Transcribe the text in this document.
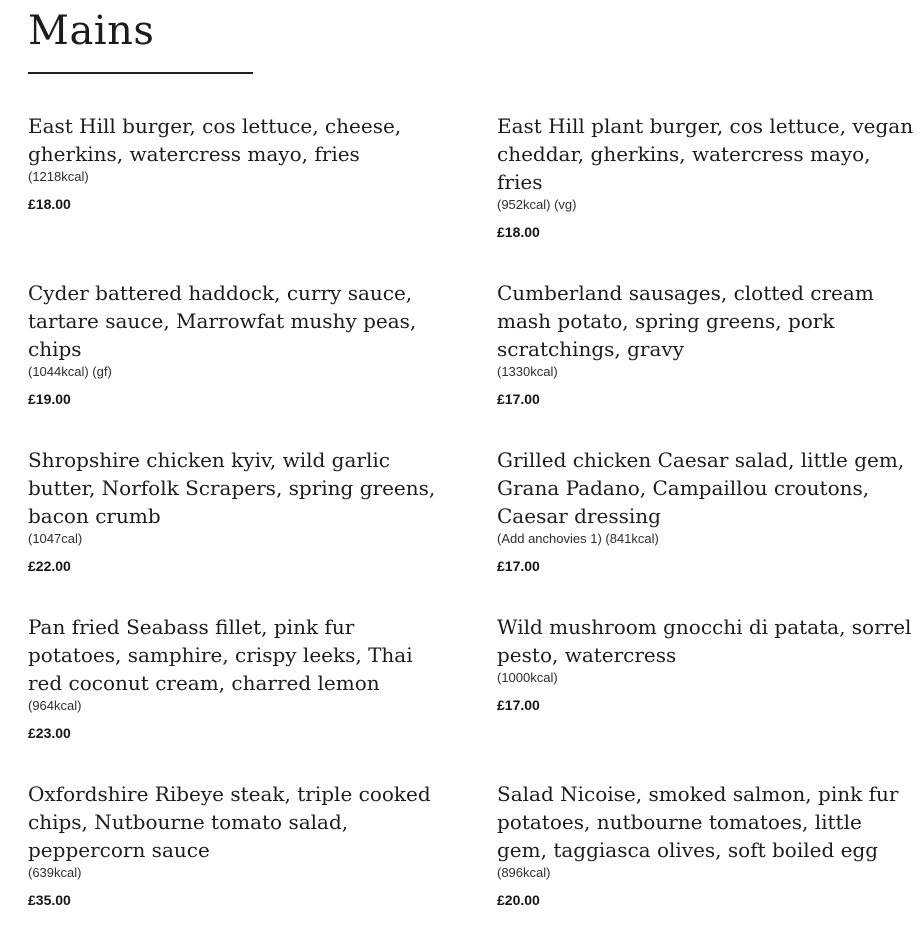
Mains
East Hill burger, cos lettuce, cheese, gherkins, watercress mayo, fries
(1218kcal)
£18.00
East Hill plant burger, cos lettuce, vegan cheddar, gherkins, watercress mayo, fries
(952kcal) (vg)
£18.00
Cyder battered haddock, curry sauce, tartare sauce, Marrowfat mushy peas, chips
(1044kcal) (gf)
£19.00
Cumberland sausages, clotted cream mash potato, spring greens, pork scratchings, gravy
(1330kcal)
£17.00
Shropshire chicken kyiv, wild garlic butter, Norfolk Scrapers, spring greens, bacon crumb
(1047cal)
£22.00
Grilled chicken Caesar salad, little gem, Grana Padano, Campaillou croutons, Caesar dressing
(Add anchovies 1) (841kcal)
£17.00
Pan fried Seabass fillet, pink fur potatoes, samphire, crispy leeks, Thai red coconut cream, charred lemon
(964kcal)
£23.00
Wild mushroom gnocchi di patata, sorrel pesto, watercress
(1000kcal)
£17.00
Oxfordshire Ribeye steak, triple cooked chips, Nutbourne tomato salad, peppercorn sauce
(639kcal)
£35.00
Salad Nicoise, smoked salmon, pink fur potatoes, nutbourne tomatoes, little gem, taggiasca olives, soft boiled egg
(896kcal)
£20.00
